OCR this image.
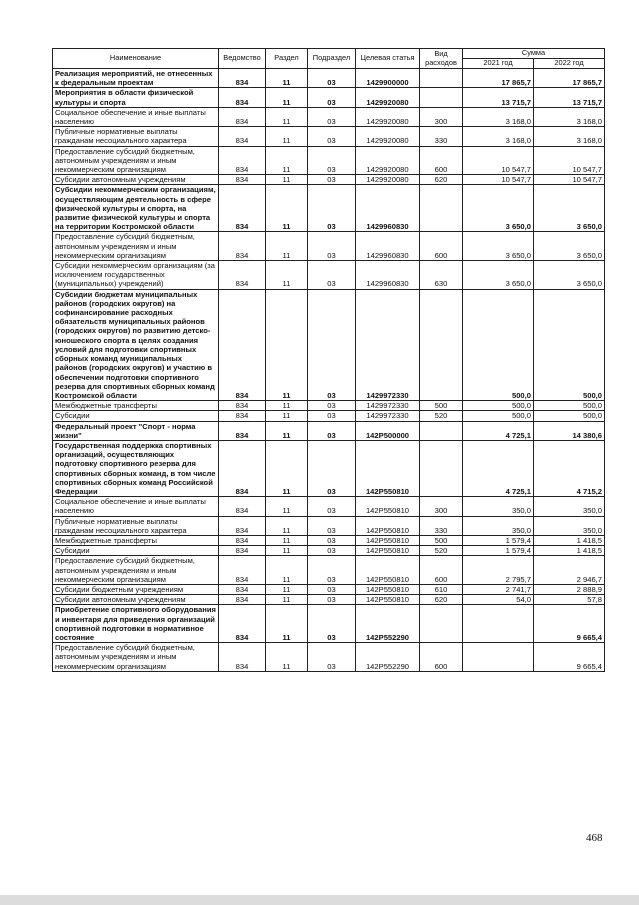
Наименование	Ведомство	Раздел	Подраздел	Целевая статья	Вид расходов	Сумма	
						2021 год	2022 год
Реализация мероприятий, не отнесенных к федеральным проектам	834	11	03	1429900000		17 865,7	17 865,7
Мероприятия в области физической культуры и спорта	834	11	03	1429920080		13 715,7	13 715,7
Социальное обеспечение и иные выплаты населению	834	11	03	1429920080	300	3 168,0	3 168,0
Публичные нормативные выплаты гражданам несоциального характера	834	11	03	1429920080	330	3 168,0	3 168,0
Предоставление субсидий бюджетным, автономным учреждениям и иным некоммерческим организациям	834	11	03	1429920080	600	10 547,7	10 547,7
Субсидии автономным учреждениям	834	11	03	1429920080	620	10 547,7	10 547,7
Субсидии некоммерческим организациям, осуществляющим деятельность в сфере физической культуры и спорта, на развитие физической культуры и спорта на территории Костромской области	834	11	03	1429960830		3 650,0	3 650,0
Предоставление субсидий бюджетным, автономным учреждениям и иным некоммерческим организациям	834	11	03	1429960830	600	3 650,0	3 650,0
Субсидии некоммерческим организациям (за исключением государственных (муниципальных) учреждений)	834	11	03	1429960830	630	3 650,0	3 650,0
Субсидии бюджетам муниципальных районов (городских округов) на софинансирование расходных обязательств муниципальных районов (городских округов) по развитию детско-юношеского спорта в целях создания условий для подготовки спортивных сборных команд муниципальных районов (городских округов) и участию в обеспечении подготовки спортивного резерва для спортивных сборных команд Костромской области	834	11	03	1429972330		500,0	500,0
Межбюджетные трансферты	834	11	03	1429972330	500	500,0	500,0
Субсидии	834	11	03	1429972330	520	500,0	500,0
Федеральный проект "Спорт - норма жизни"	834	11	03	142P500000		4 725,1	14 380,6
Государственная поддержка спортивных организаций, осуществляющих подготовку спортивного резерва для спортивных сборных команд, в том числе спортивных сборных команд Российской Федерации	834	11	03	142P550810		4 725,1	4 715,2
Социальное обеспечение и иные выплаты населению	834	11	03	142P550810	300	350,0	350,0
Публичные нормативные выплаты гражданам несоциального характера	834	11	03	142P550810	330	350,0	350,0
Межбюджетные трансферты	834	11	03	142P550810	500	1 579,4	1 418,5
Субсидии	834	11	03	142P550810	520	1 579,4	1 418,5
Предоставление субсидий бюджетным, автономным учреждениям и иным некоммерческим организациям	834	11	03	142P550810	600	2 795,7	2 946,7
Субсидии бюджетным учреждениям	834	11	03	142P550810	610	2 741,7	2 888,9
Субсидии автономным учреждениям	834	11	03	142P550810	620	54,0	57,8
Приобретение спортивного оборудования и инвентаря для приведения организаций спортивной подготовки в нормативное состояние	834	11	03	142P552290			9 665,4
Предоставление субсидий бюджетным, автономным учреждениям и иным некоммерческим организациям	834	11	03	142P552290	600		9 665,4
468
